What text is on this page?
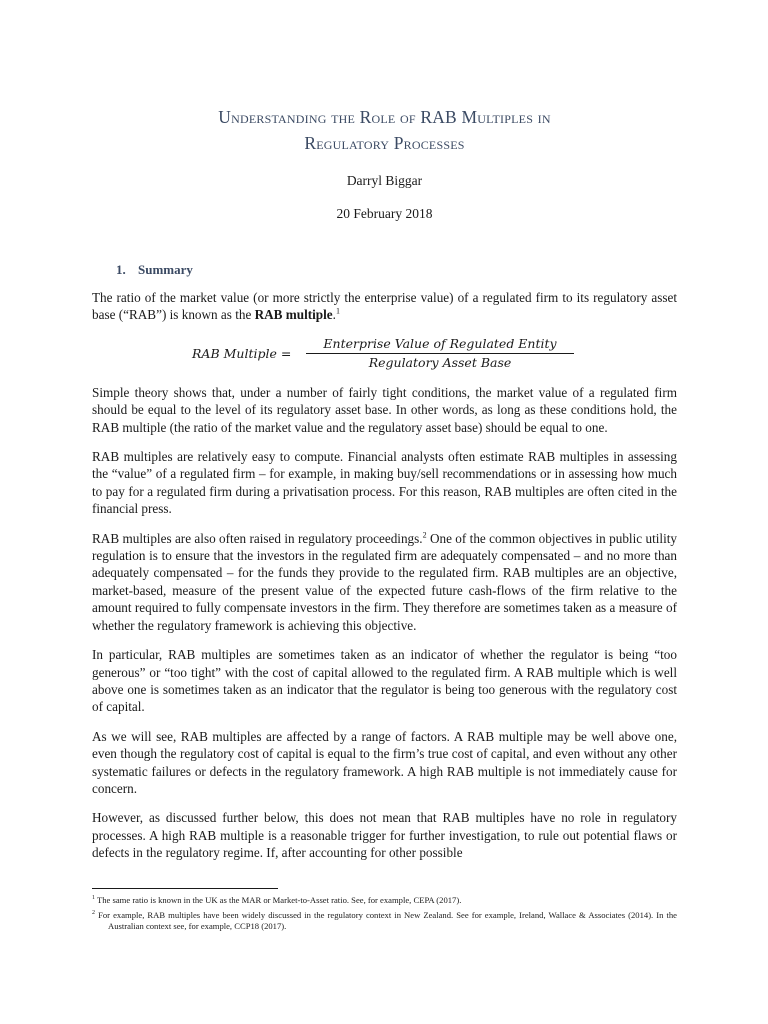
Understanding the Role of RAB Multiples in
Regulatory Processes
Darryl Biggar
20 February 2018
1. Summary

The ratio of the market value (or more strictly the enterprise value) of a regulated firm to its regulatory asset base (“RAB”) is known as the RAB multiple.$^1$

RAB Multiple =
Enterprise Value of Regulated Entity
Regulatory Asset Base

Simple theory shows that, under a number of fairly tight conditions, the market value of a regulated firm should be equal to the level of its regulatory asset base. In other words, as long as these conditions hold, the RAB multiple (the ratio of the market value and the regulatory asset base) should be equal to one.

RAB multiples are relatively easy to compute. Financial analysts often estimate RAB multiples in assessing the “value” of a regulated firm – for example, in making buy/sell recommendations or in assessing how much to pay for a regulated firm during a privatisation process. For this reason, RAB multiples are often cited in the financial press.

RAB multiples are also often raised in regulatory proceedings.$^2$ One of the common objectives in public utility regulation is to ensure that the investors in the regulated firm are adequately compensated – and no more than adequately compensated – for the funds they provide to the regulated firm. RAB multiples are an objective, market-based, measure of the present value of the expected future cash-flows of the firm relative to the amount required to fully compensate investors in the firm. They therefore are sometimes taken as a measure of whether the regulatory framework is achieving this objective.

In particular, RAB multiples are sometimes taken as an indicator of whether the regulator is being “too generous” or “too tight” with the cost of capital allowed to the regulated firm. A RAB multiple which is well above one is sometimes taken as an indicator that the regulator is being too generous with the regulatory cost of capital.

As we will see, RAB multiples are affected by a range of factors. A RAB multiple may be well above one, even though the regulatory cost of capital is equal to the firm’s true cost of capital, and even without any other systematic failures or defects in the regulatory framework. A high RAB multiple is not immediately cause for concern.

However, as discussed further below, this does not mean that RAB multiples have no role in regulatory processes. A high RAB multiple is a reasonable trigger for further investigation, to rule out potential flaws or defects in the regulatory regime. If, after accounting for other possible

$^1$ The same ratio is known in the UK as the MAR or Market-to-Asset ratio. See, for example, CEPA (2017).

$^2$ For example, RAB multiples have been widely discussed in the regulatory context in New Zealand. See for example, Ireland, Wallace & Associates (2014). In the Australian context see, for example, CCP18 (2017).
